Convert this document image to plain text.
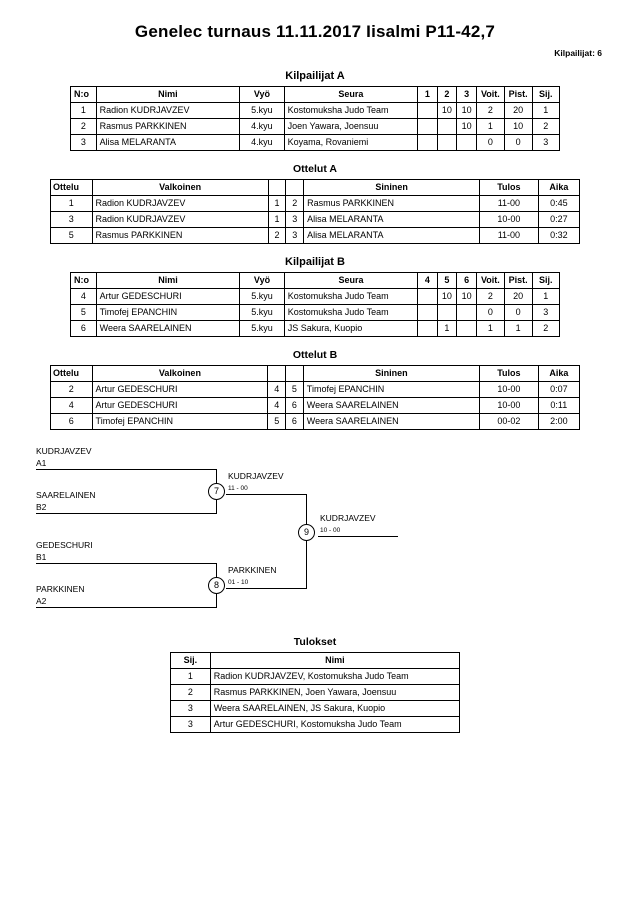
Genelec turnaus 11.11.2017 Iisalmi P11-42,7
Kilpailijat: 6
Kilpailijat A
N:o	Nimi	Vyö	Seura	1	2	3	Voit.	Pist.	Sij.
1	Radion KUDRJAVZEV	5.kyu	Kostomuksha Judo Team		10	10	2	20	1
2	Rasmus PARKKINEN	4.kyu	Joen Yawara, Joensuu			10	1	10	2
3	Alisa MELARANTA	4.kyu	Koyama, Rovaniemi				0	0	3
Ottelut A
Ottelu	Valkoinen			Sininen	Tulos	Aika
1	Radion KUDRJAVZEV	1	2	Rasmus PARKKINEN	11-00	0:45
3	Radion KUDRJAVZEV	1	3	Alisa MELARANTA	10-00	0:27
5	Rasmus PARKKINEN	2	3	Alisa MELARANTA	11-00	0:32
Kilpailijat B
N:o	Nimi	Vyö	Seura	4	5	6	Voit.	Pist.	Sij.
4	Artur GEDESCHURI	5.kyu	Kostomuksha Judo Team		10	10	2	20	1
5	Timofej EPANCHIN	5.kyu	Kostomuksha Judo Team				0	0	3
6	Weera SAARELAINEN	5.kyu	JS Sakura, Kuopio		1		1	1	2
Ottelut B
Ottelu	Valkoinen			Sininen	Tulos	Aika
2	Artur GEDESCHURI	4	5	Timofej EPANCHIN	10-00	0:07
4	Artur GEDESCHURI	4	6	Weera SAARELAINEN	10-00	0:11
6	Timofej EPANCHIN	5	6	Weera SAARELAINEN	00-02	2:00
KUDRJAVZEV
A1
SAARELAINEN
B2
7
KUDRJAVZEV
11 - 00
GEDESCHURI
B1
PARKKINEN
A2
8
PARKKINEN
01 - 10
9
KUDRJAVZEV
10 - 00
Tulokset
Sij.	Nimi
1	Radion KUDRJAVZEV, Kostomuksha Judo Team
2	Rasmus PARKKINEN, Joen Yawara, Joensuu
3	Weera SAARELAINEN, JS Sakura, Kuopio
3	Artur GEDESCHURI, Kostomuksha Judo Team
